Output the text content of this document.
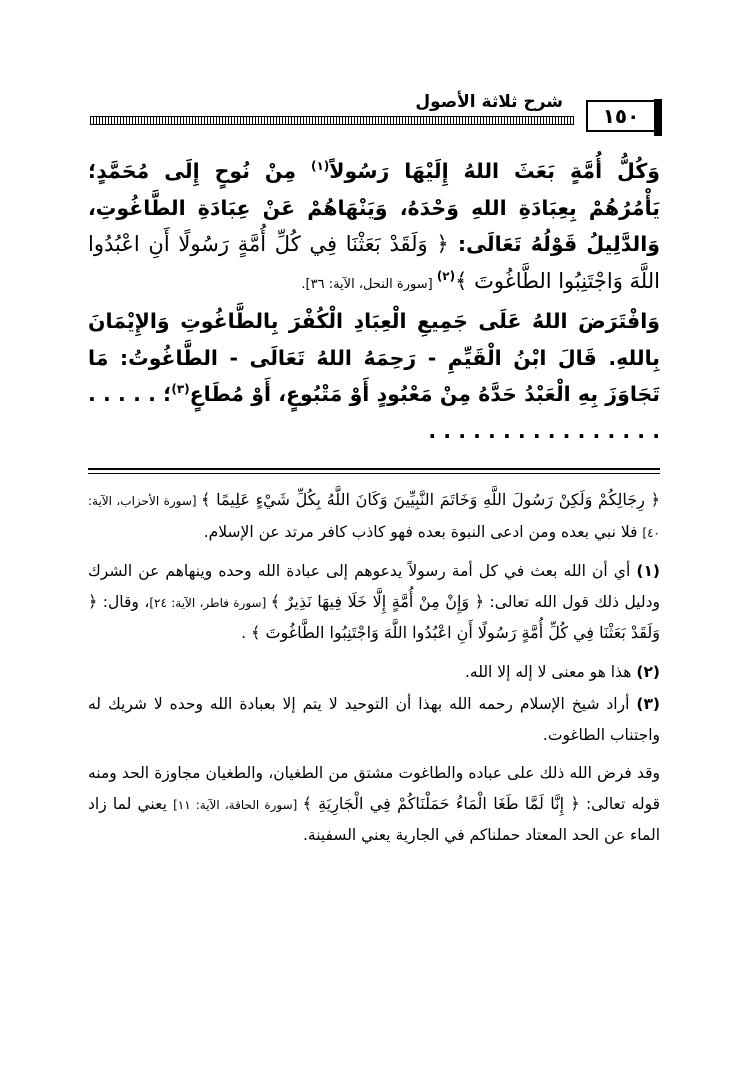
شرح ثلاثة الأصول
١٥٠

وَكُلُّ أُمَّةٍ بَعَثَ اللهُ إِلَيْهَا رَسُولاً$^{(١)}$ مِنْ نُوحٍ إِلَى مُحَمَّدٍ؛ يَأْمُرُهُمْ بِعِبَادَةِ اللهِ وَحْدَهُ، وَيَنْهَاهُمْ عَنْ عِبَادَةِ الطَّاغُوتِ، وَالدَّلِيلُ قَوْلُهُ تَعَالَى: ﴿ وَلَقَدْ بَعَثْنَا فِي كُلِّ أُمَّةٍ رَسُولًا أَنِ اعْبُدُوا اللَّهَ وَاجْتَنِبُوا الطَّاغُوتَ ﴾$^{(٢)}$ [سورة النحل، الآية: ٣٦].

وَافْتَرَضَ اللهُ عَلَى جَمِيعِ الْعِبَادِ الْكُفْرَ بِالطَّاغُوتِ وَالإِيْمَانَ بِاللهِ. قَالَ ابْنُ الْقَيِّمِ - رَحِمَهُ اللهُ تَعَالَى - الطَّاغُوتُ: مَا تَجَاوَزَ بِهِ الْعَبْدُ حَدَّهُ مِنْ مَعْبُودٍ أَوْ مَتْبُوعٍ، أَوْ مُطَاعٍ$^{(٣)}$؛ . . . . . . . . . . . . . . . . . . . . .

﴿ رِجَالِكُمْ وَلَكِنْ رَسُولَ اللَّهِ وَخَاتَمَ النَّبِيِّينَ وَكَانَ اللَّهُ بِكُلِّ شَيْءٍ عَلِيمًا ﴾ [سورة الأحزاب، الآية: ٤٠] فلا نبي بعده ومن ادعى النبوة بعده فهو كاذب كافر مرتد عن الإسلام.

(١) أي أن الله بعث في كل أمة رسولاً يدعوهم إلى عبادة الله وحده وينهاهم عن الشرك ودليل ذلك قول الله تعالى: ﴿ وَإِنْ مِنْ أُمَّةٍ إِلَّا خَلَا فِيهَا نَذِيرٌ ﴾ [سورة فاطر، الآية: ٢٤]، وقال: ﴿ وَلَقَدْ بَعَثْنَا فِي كُلِّ أُمَّةٍ رَسُولًا أَنِ اعْبُدُوا اللَّهَ وَاجْتَنِبُوا الطَّاغُوتَ ﴾ .

(٢) هذا هو معنى لا إله إلا الله.

(٣) أراد شيخ الإسلام رحمه الله بهذا أن التوحيد لا يتم إلا بعبادة الله وحده لا شريك له واجتناب الطاغوت.

وقد فرض الله ذلك على عباده والطاغوت مشتق من الطغيان، والطغيان مجاوزة الحد ومنه قوله تعالى: ﴿ إِنَّا لَمَّا طَغَا الْمَاءُ حَمَلْنَاكُمْ فِي الْجَارِيَةِ ﴾ [سورة الحاقة، الآية: ١١] يعني لما زاد الماء عن الحد المعتاد حملناكم في الجارية يعني السفينة.
